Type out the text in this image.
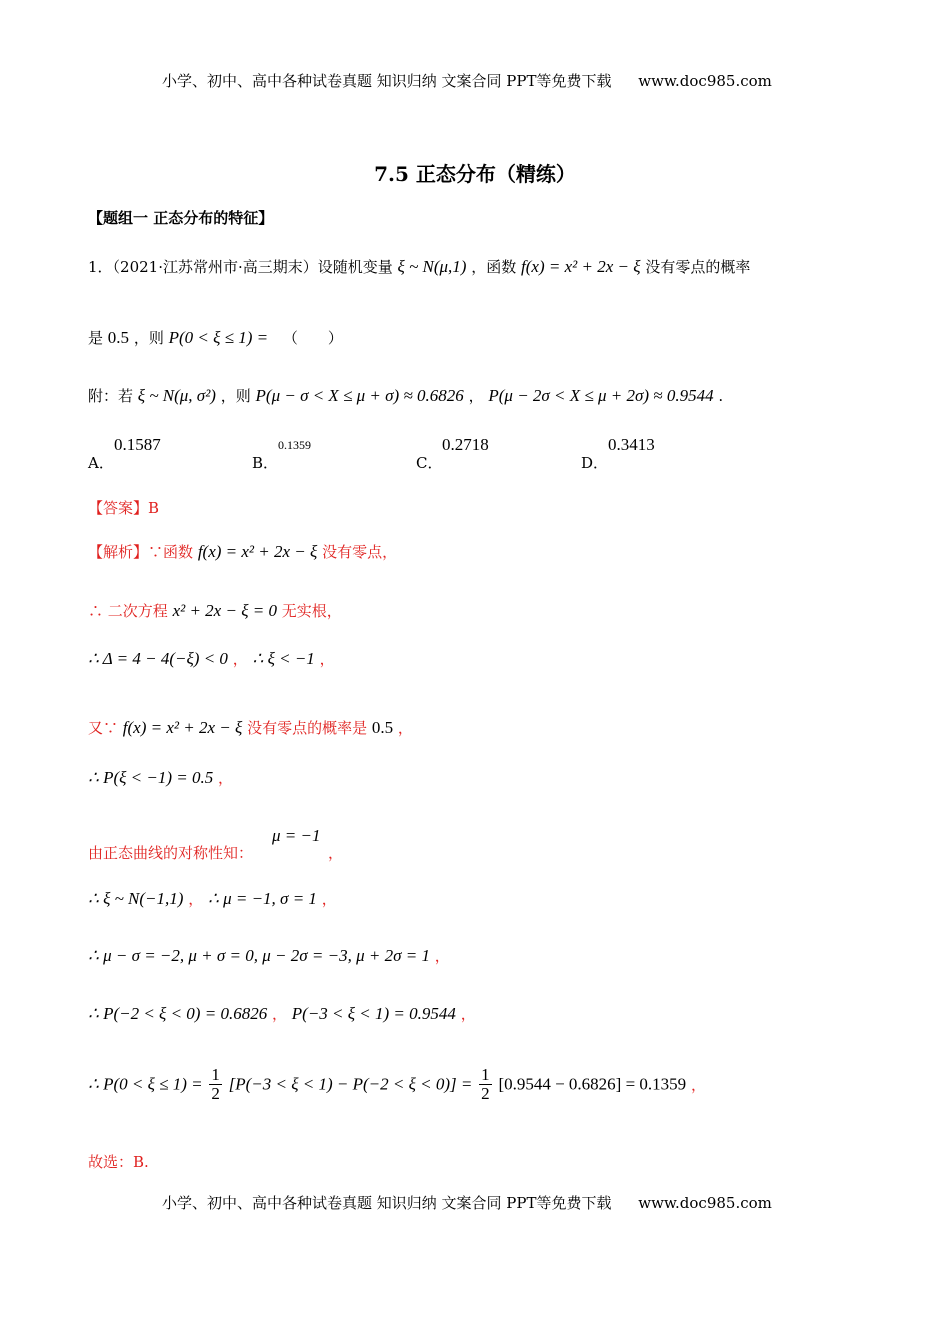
小学、初中、高中各种试卷真题 知识归纳 文案合同 PPT等免费下载 www.doc985.com
7.5 正态分布（精练）
【题组一 正态分布的特征】
1．（2021·江苏常州市·高三期末）设随机变量 ξ ~ N(μ,1) ，函数 f(x) = x² + 2x − ξ 没有零点的概率
是 0.5 ，则 P(0 < ξ ≤ 1) = （　　）
附：若 ξ ~ N(μ, σ²) ，则 P(μ − σ < X ≤ μ + σ) ≈ 0.6826 ， P(μ − 2σ < X ≤ μ + 2σ) ≈ 0.9544 .
A．
0.1587
B．
0.1359
C．
0.2718
D．
0.3413
【答案】B
【解析】∵函数 f(x) = x² + 2x − ξ 没有零点，
∴ 二次方程 x² + 2x − ξ = 0 无实根，
∴ Δ = 4 − 4(−ξ) < 0 ， ∴ ξ < −1 ，
又∵ f(x) = x² + 2x − ξ 没有零点的概率是 0.5 ，
∴ P(ξ < −1) = 0.5 ，
由正态曲线的对称性知：
μ = −1
，
∴ ξ ~ N(−1,1) ， ∴ μ = −1, σ = 1 ，
∴ μ − σ = −2, μ + σ = 0, μ − 2σ = −3, μ + 2σ = 1 ，
∴ P(−2 < ξ < 0) = 0.6826 ， P(−3 < ξ < 1) = 0.9544 ，
∴ $P(0 < \xi \le 1) = \frac{1}{2} [P(-3 < \xi < 1) - P(-2 < \xi < 0)] = \frac{1}{2} [0.9544 - 0.6826] = 0.1359$ ，
故选：B.
小学、初中、高中各种试卷真题 知识归纳 文案合同 PPT等免费下载 www.doc985.com
